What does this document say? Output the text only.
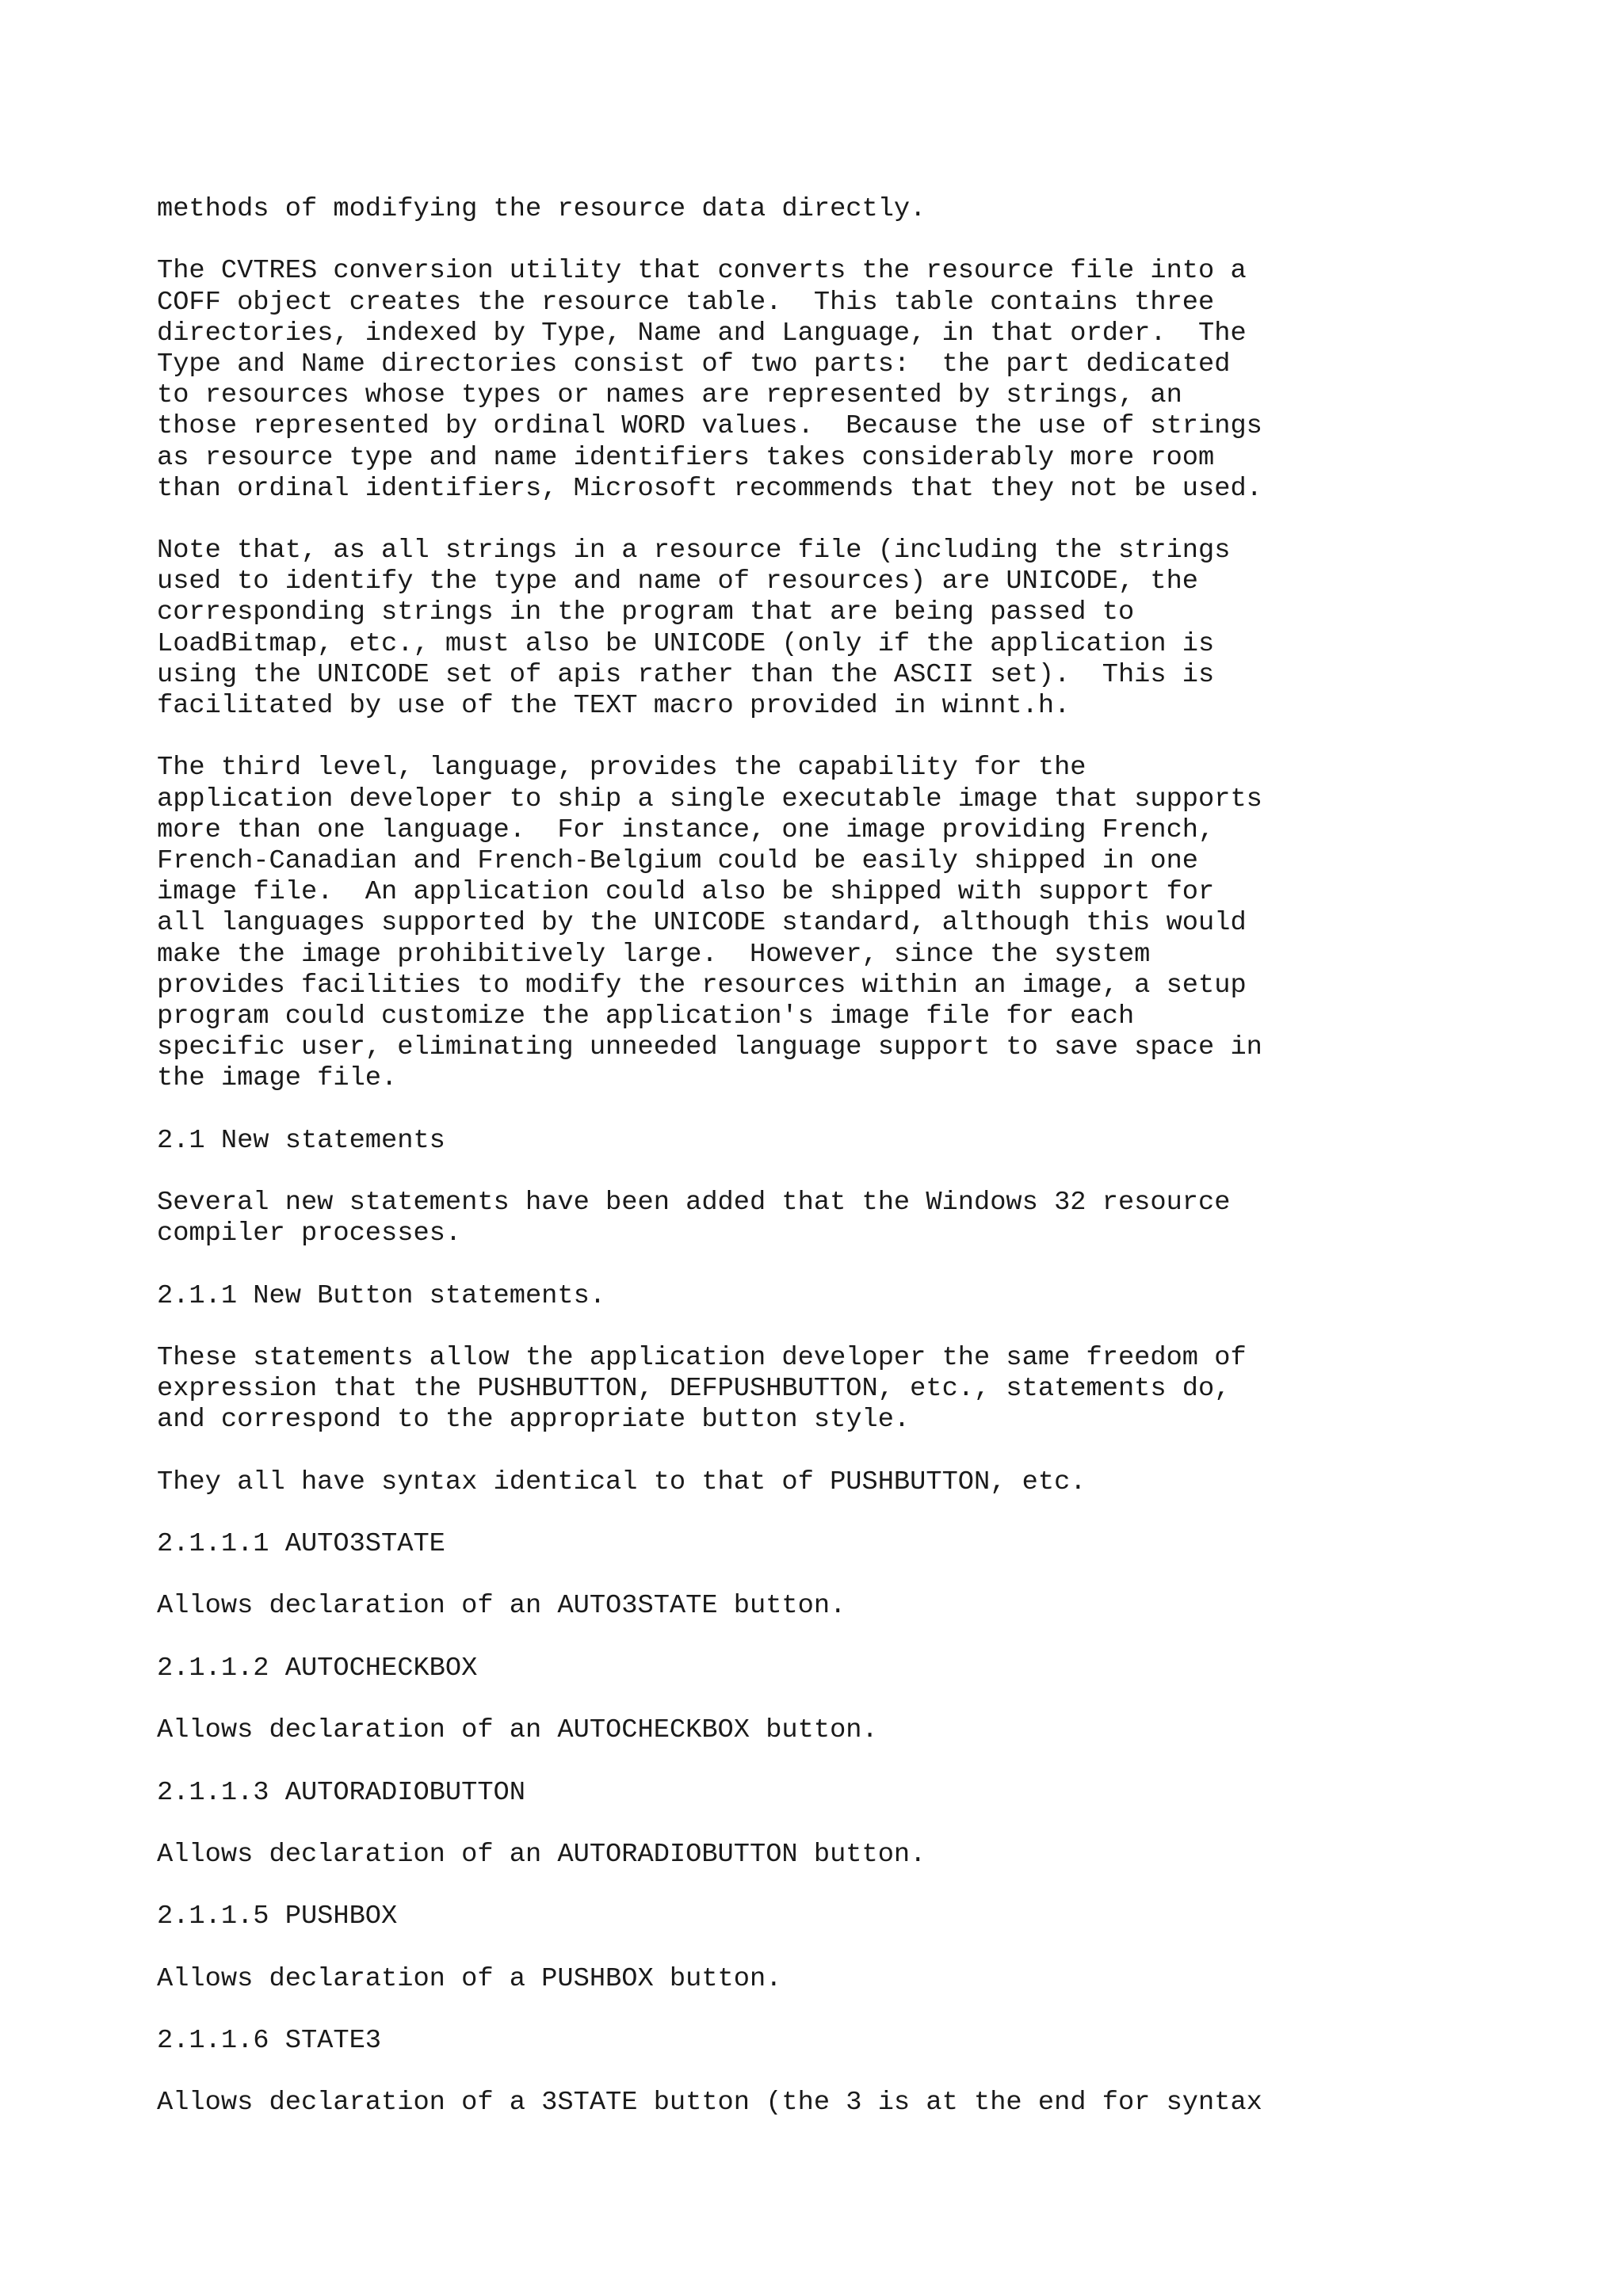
methods of modifying the resource data directly.
The CVTRES conversion utility that converts the resource file into a
COFF object creates the resource table.  This table contains three
directories, indexed by Type, Name and Language, in that order.  The
Type and Name directories consist of two parts:  the part dedicated
to resources whose types or names are represented by strings, an
those represented by ordinal WORD values.  Because the use of strings
as resource type and name identifiers takes considerably more room
than ordinal identifiers, Microsoft recommends that they not be used.
Note that, as all strings in a resource file (including the strings
used to identify the type and name of resources) are UNICODE, the
corresponding strings in the program that are being passed to
LoadBitmap, etc., must also be UNICODE (only if the application is
using the UNICODE set of apis rather than the ASCII set).  This is
facilitated by use of the TEXT macro provided in winnt.h.
The third level, language, provides the capability for the
application developer to ship a single executable image that supports
more than one language.  For instance, one image providing French,
French-Canadian and French-Belgium could be easily shipped in one
image file.  An application could also be shipped with support for
all languages supported by the UNICODE standard, although this would
make the image prohibitively large.  However, since the system
provides facilities to modify the resources within an image, a setup
program could customize the application's image file for each
specific user, eliminating unneeded language support to save space in
the image file.
2.1 New statements
Several new statements have been added that the Windows 32 resource
compiler processes.
2.1.1 New Button statements.
These statements allow the application developer the same freedom of
expression that the PUSHBUTTON, DEFPUSHBUTTON, etc., statements do,
and correspond to the appropriate button style.
They all have syntax identical to that of PUSHBUTTON, etc.
2.1.1.1 AUTO3STATE
Allows declaration of an AUTO3STATE button.
2.1.1.2 AUTOCHECKBOX
Allows declaration of an AUTOCHECKBOX button.
2.1.1.3 AUTORADIOBUTTON
Allows declaration of an AUTORADIOBUTTON button.
2.1.1.5 PUSHBOX
Allows declaration of a PUSHBOX button.
2.1.1.6 STATE3
Allows declaration of a 3STATE button (the 3 is at the end for syntax
